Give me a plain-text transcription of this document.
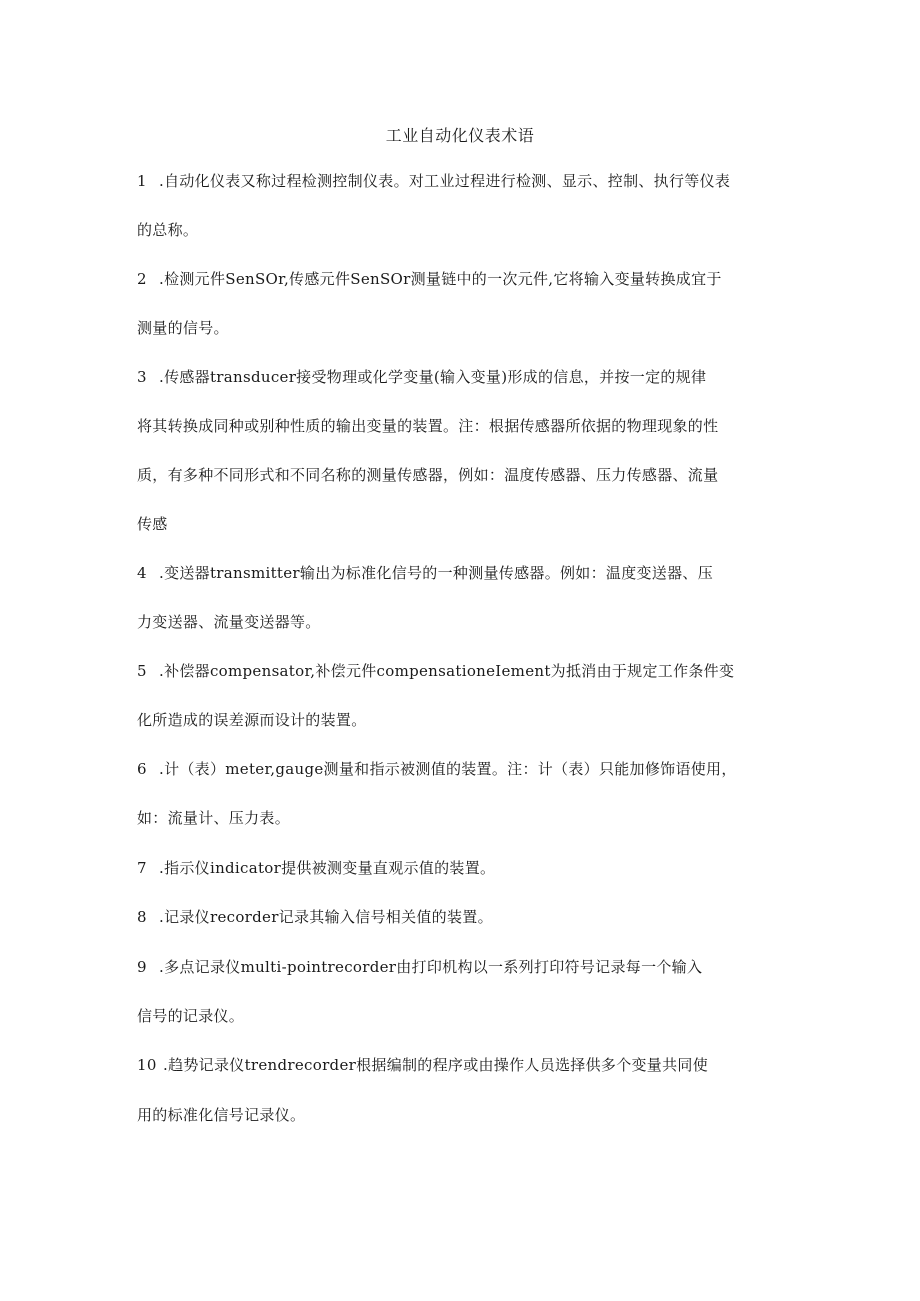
工业自动化仪表术语
1 .自动化仪表又称过程检测控制仪表。对工业过程进行检测、显示、控制、执行等仪表
的总称。
2 .检测元件SenSOr,传感元件SenSOr测量链中的一次元件,它将输入变量转换成宜于
测量的信号。
3 .传感器transducer接受物理或化学变量(输入变量)形成的信息，并按一定的规律
将其转换成同种或别种性质的输出变量的装置。注：根据传感器所依据的物理现象的性
质，有多种不同形式和不同名称的测量传感器，例如：温度传感器、压力传感器、流量
传感
4 .变送器transmitter输出为标准化信号的一种测量传感器。例如：温度变送器、压
力变送器、流量变送器等。
5 .补偿器compensator,补偿元件compensationeIement为抵消由于规定工作条件变
化所造成的误差源而设计的装置。
6 .计（表）meter,gauge测量和指示被测值的装置。注：计（表）只能加修饰语使用，
如：流量计、压力表。
7 .指示仪indicator提供被测变量直观示值的装置。
8 .记录仪recorder记录其输入信号相关值的装置。
9 .多点记录仪multi-pointrecorder由打印机构以一系列打印符号记录每一个输入
信号的记录仪。
10 .趋势记录仪trendrecorder根据编制的程序或由操作人员选择供多个变量共同使
用的标准化信号记录仪。
